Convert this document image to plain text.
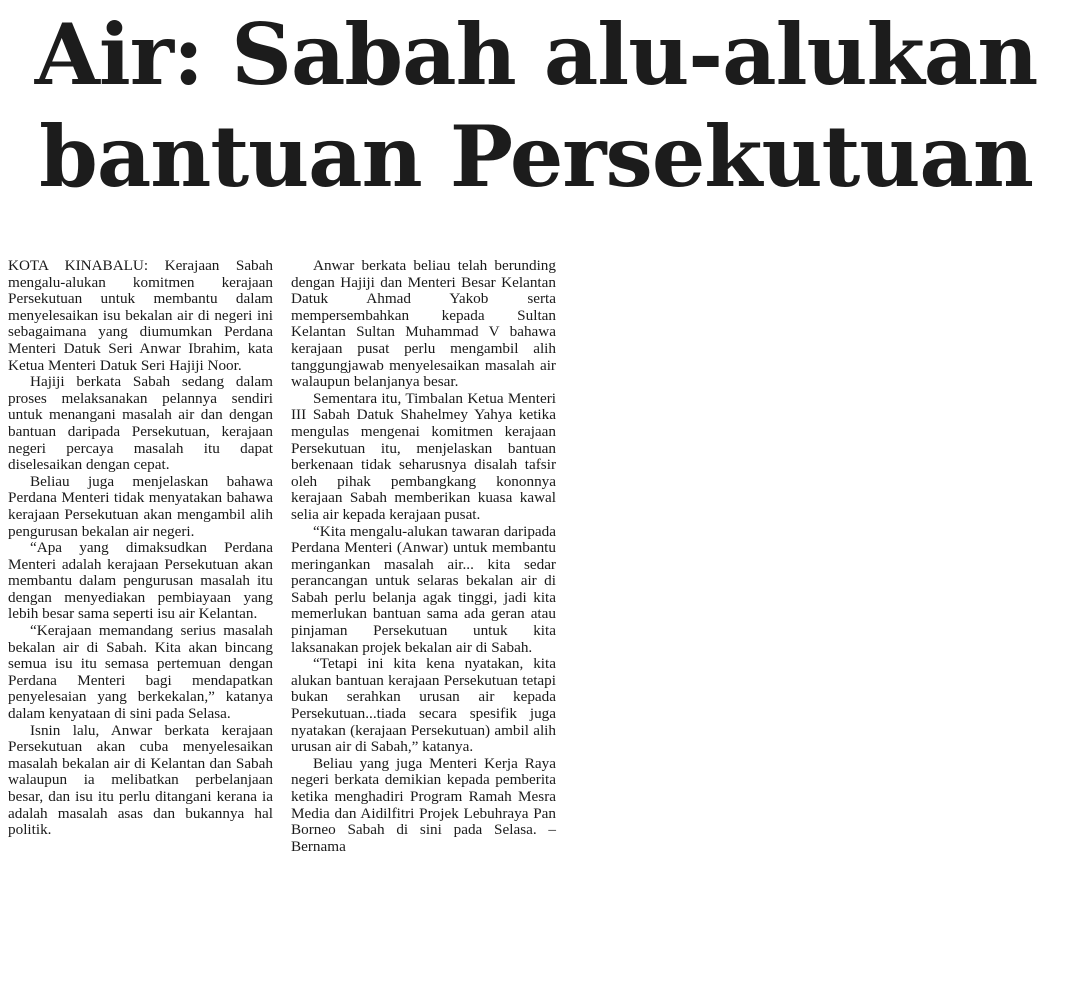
Air: Sabah alu-alukan
bantuan Persekutuan

KOTA KINABALU: Kerajaan Sabah mengalu-alukan komitmen kerajaan Persekutuan untuk membantu dalam menyelesaikan isu bekalan air di negeri ini sebagaimana yang diumumkan Perdana Menteri Datuk Seri Anwar Ibrahim, kata Ketua Menteri Datuk Seri Hajiji Noor.

Hajiji berkata Sabah sedang dalam proses melaksanakan pelannya sendiri untuk menangani masalah air dan dengan bantuan daripada Persekutuan, kerajaan negeri percaya masalah itu dapat diselesaikan dengan cepat.

Beliau juga menjelaskan bahawa Perdana Menteri tidak menyatakan bahawa kerajaan Persekutuan akan mengambil alih pengurusan bekalan air negeri.

“Apa yang dimaksudkan Perdana Menteri adalah kerajaan Persekutuan akan membantu dalam pengurusan masalah itu dengan menyediakan pembiayaan yang lebih besar sama seperti isu air Kelantan.

“Kerajaan memandang serius masalah bekalan air di Sabah. Kita akan bincang semua isu itu semasa pertemuan dengan Perdana Menteri bagi mendapatkan penyelesaian yang berkekalan,” katanya dalam kenyataan di sini pada Selasa.

Isnin lalu, Anwar berkata kerajaan Persekutuan akan cuba menyelesaikan masalah bekalan air di Kelantan dan Sabah walaupun ia melibatkan perbelanjaan besar, dan isu itu perlu ditangani kerana ia adalah masalah asas dan bukannya hal politik.

Anwar berkata beliau telah berunding dengan Hajiji dan Menteri Besar Kelantan Datuk Ahmad Yakob serta mempersembahkan kepada Sultan Kelantan Sultan Muhammad V bahawa kerajaan pusat perlu mengambil alih tanggungjawab menyelesaikan masalah air walaupun belanjanya besar.

Sementara itu, Timbalan Ketua Menteri III Sabah Datuk Shahelmey Yahya ketika mengulas mengenai komitmen kerajaan Persekutuan itu, menjelaskan bantuan berkenaan tidak seharusnya disalah tafsir oleh pihak pembangkang kononnya kerajaan Sabah memberikan kuasa kawal selia air kepada kerajaan pusat.

“Kita mengalu-alukan tawaran daripada Perdana Menteri (Anwar) untuk membantu meringankan masalah air... kita sedar perancangan untuk selaras bekalan air di Sabah perlu belanja agak tinggi, jadi kita memerlukan bantuan sama ada geran atau pinjaman Persekutuan untuk kita laksanakan projek bekalan air di Sabah.

“Tetapi ini kita kena nyatakan, kita alukan bantuan kerajaan Persekutuan tetapi bukan serahkan urusan air kepada Persekutuan...tiada secara spesifik juga nyatakan (kerajaan Persekutuan) ambil alih urusan air di Sabah,” katanya.

Beliau yang juga Menteri Kerja Raya negeri berkata demikian kepada pemberita ketika menghadiri Program Ramah Mesra Media dan Aidilfitri Projek Lebuhraya Pan Borneo Sabah di sini pada Selasa. – Bernama
